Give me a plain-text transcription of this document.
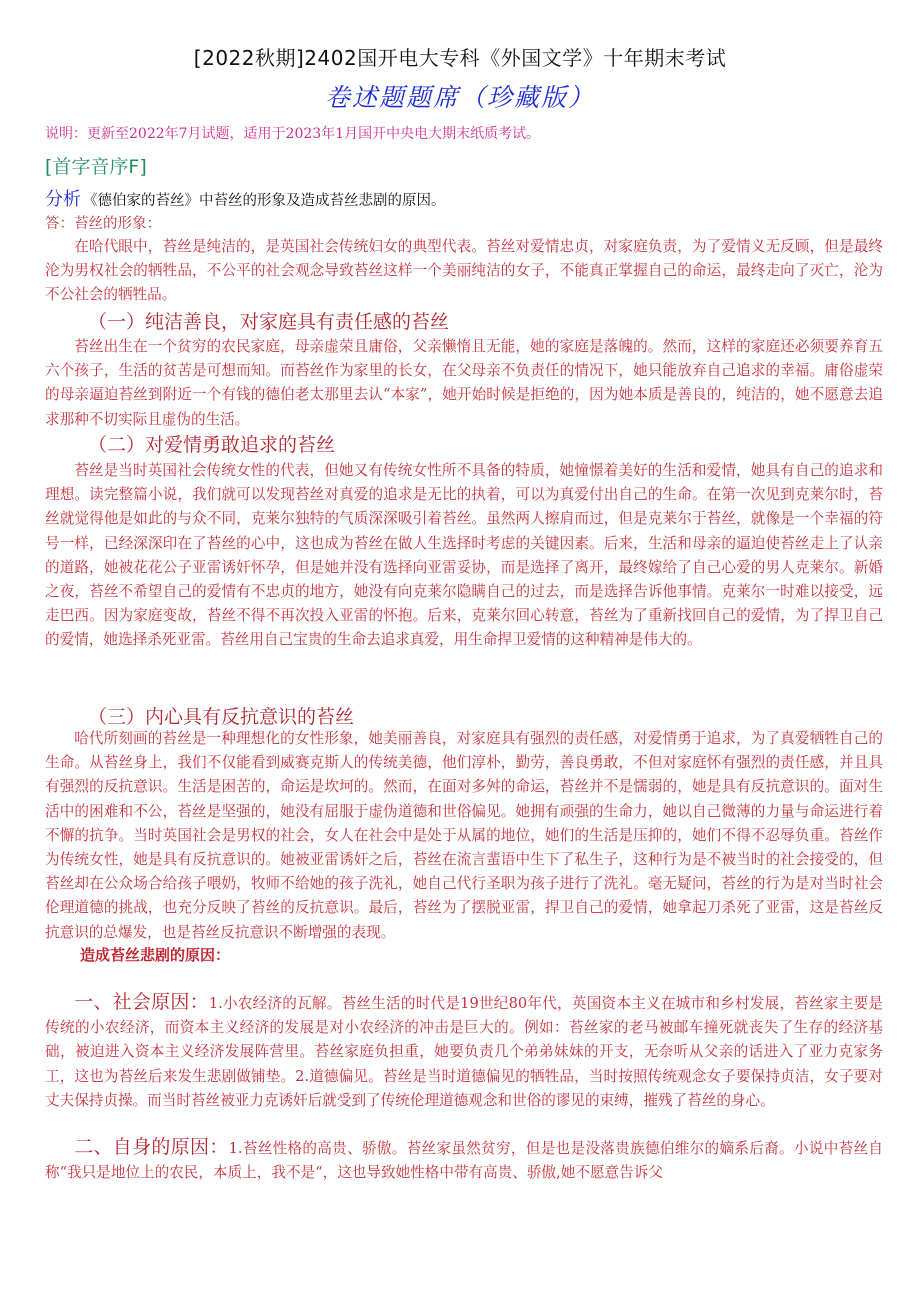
[2022秋期]2402国开电大专科《外国文学》十年期末考试
卷述题题席（珍藏版）
说明：更新至2022年7月试题，适用于2023年1月国开中央电大期末纸质考试。
[首字音序F]
分析 《德伯家的苔丝》中苔丝的形象及造成苔丝悲剧的原因。
答：苔丝的形象：
在哈代眼中，苔丝是纯洁的，是英国社会传统妇女的典型代表。苔丝对爱情忠贞，对家庭负责，为了爱情义无反顾，但是最终沦为男权社会的牺牲品，不公平的社会观念导致苔丝这样一个美丽纯洁的女子，不能真正掌握自己的命运，最终走向了灭亡，沦为不公社会的牺牲品。
（一）纯洁善良，对家庭具有责任感的苔丝
苔丝出生在一个贫穷的农民家庭，母亲虚荣且庸俗，父亲懒惰且无能，她的家庭是落魄的。然而，这样的家庭还必须要养育五六个孩子，生活的贫苦是可想而知。而苔丝作为家里的长女，在父母亲不负责任的情况下，她只能放弃自己追求的幸福。庸俗虚荣的母亲逼迫苔丝到附近一个有钱的德伯老太那里去认“本家”，她开始时候是拒绝的，因为她本质是善良的，纯洁的，她不愿意去追求那种不切实际且虚伪的生活。
（二）对爱情勇敢追求的苔丝
苔丝是当时英国社会传统女性的代表，但她又有传统女性所不具备的特质，她憧憬着美好的生活和爱情，她具有自己的追求和理想。读完整篇小说，我们就可以发现苔丝对真爱的追求是无比的执着，可以为真爱付出自己的生命。在第一次见到克莱尔时，苔丝就觉得他是如此的与众不同，克莱尔独特的气质深深吸引着苔丝。虽然两人擦肩而过，但是克莱尔于苔丝，就像是一个幸福的符号一样，已经深深印在了苔丝的心中，这也成为苔丝在做人生选择时考虑的关键因素。后来，生活和母亲的逼迫使苔丝走上了认亲的道路，她被花花公子亚雷诱奸怀孕，但是她并没有选择向亚雷妥协，而是选择了离开，最终嫁给了自己心爱的男人克莱尔。新婚之夜，苔丝不希望自己的爱情有不忠贞的地方，她没有向克莱尔隐瞒自己的过去，而是选择告诉他事情。克莱尔一时难以接受，远走巴西。因为家庭变故，苔丝不得不再次投入亚雷的怀抱。后来，克莱尔回心转意，苔丝为了重新找回自己的爱情，为了捍卫自己的爱情，她选择杀死亚雷。苔丝用自己宝贵的生命去追求真爱，用生命捍卫爱情的这种精神是伟大的。
（三）内心具有反抗意识的苔丝
哈代所刻画的苔丝是一种理想化的女性形象，她美丽善良，对家庭具有强烈的责任感，对爱情勇于追求，为了真爱牺牲自己的生命。从苔丝身上，我们不仅能看到威赛克斯人的传统美德，他们淳朴，勤劳，善良勇敢，不但对家庭怀有强烈的责任感，并且具有强烈的反抗意识。生活是困苦的，命运是坎坷的。然而，在面对多舛的命运，苔丝并不是懦弱的，她是具有反抗意识的。面对生活中的困难和不公，苔丝是坚强的，她没有屈服于虚伪道德和世俗偏见。她拥有顽强的生命力，她以自己微薄的力量与命运进行着不懈的抗争。当时英国社会是男权的社会，女人在社会中是处于从属的地位，她们的生活是压抑的，她们不得不忍辱负重。苔丝作为传统女性，她是具有反抗意识的。她被亚雷诱奸之后，苔丝在流言蜚语中生下了私生子，这种行为是不被当时的社会接受的，但苔丝却在公众场合给孩子喂奶，牧师不给她的孩子洗礼，她自己代行圣职为孩子进行了洗礼。毫无疑问，苔丝的行为是对当时社会伦理道德的挑战，也充分反映了苔丝的反抗意识。最后，苔丝为了摆脱亚雷，捍卫自己的爱情，她拿起刀杀死了亚雷，这是苔丝反抗意识的总爆发，也是苔丝反抗意识不断增强的表现。
造成苔丝悲剧的原因：
一、社会原因：1.小农经济的瓦解。苔丝生活的时代是19世纪80年代，英国资本主义在城市和乡村发展，苔丝家主要是传统的小农经济，而资本主义经济的发展是对小农经济的冲击是巨大的。例如：苔丝家的老马被邮车撞死就丧失了生存的经济基础，被迫进入资本主义经济发展阵营里。苔丝家庭负担重，她要负责几个弟弟妹妹的开支，无奈听从父亲的话进入了亚力克家务工，这也为苔丝后来发生悲剧做铺垫。2.道德偏见。苔丝是当时道德偏见的牺牲品，当时按照传统观念女子要保持贞洁，女子要对丈夫保持贞操。而当时苔丝被亚力克诱奸后就受到了传统伦理道德观念和世俗的谬见的束缚，摧残了苔丝的身心。
二、自身的原因：1.苔丝性格的高贵、骄傲。苔丝家虽然贫穷，但是也是没落贵族德伯维尔的嫡系后裔。小说中苔丝自称“我只是地位上的农民，本质上，我不是“，这也导致她性格中带有高贵、骄傲,她不愿意告诉父
